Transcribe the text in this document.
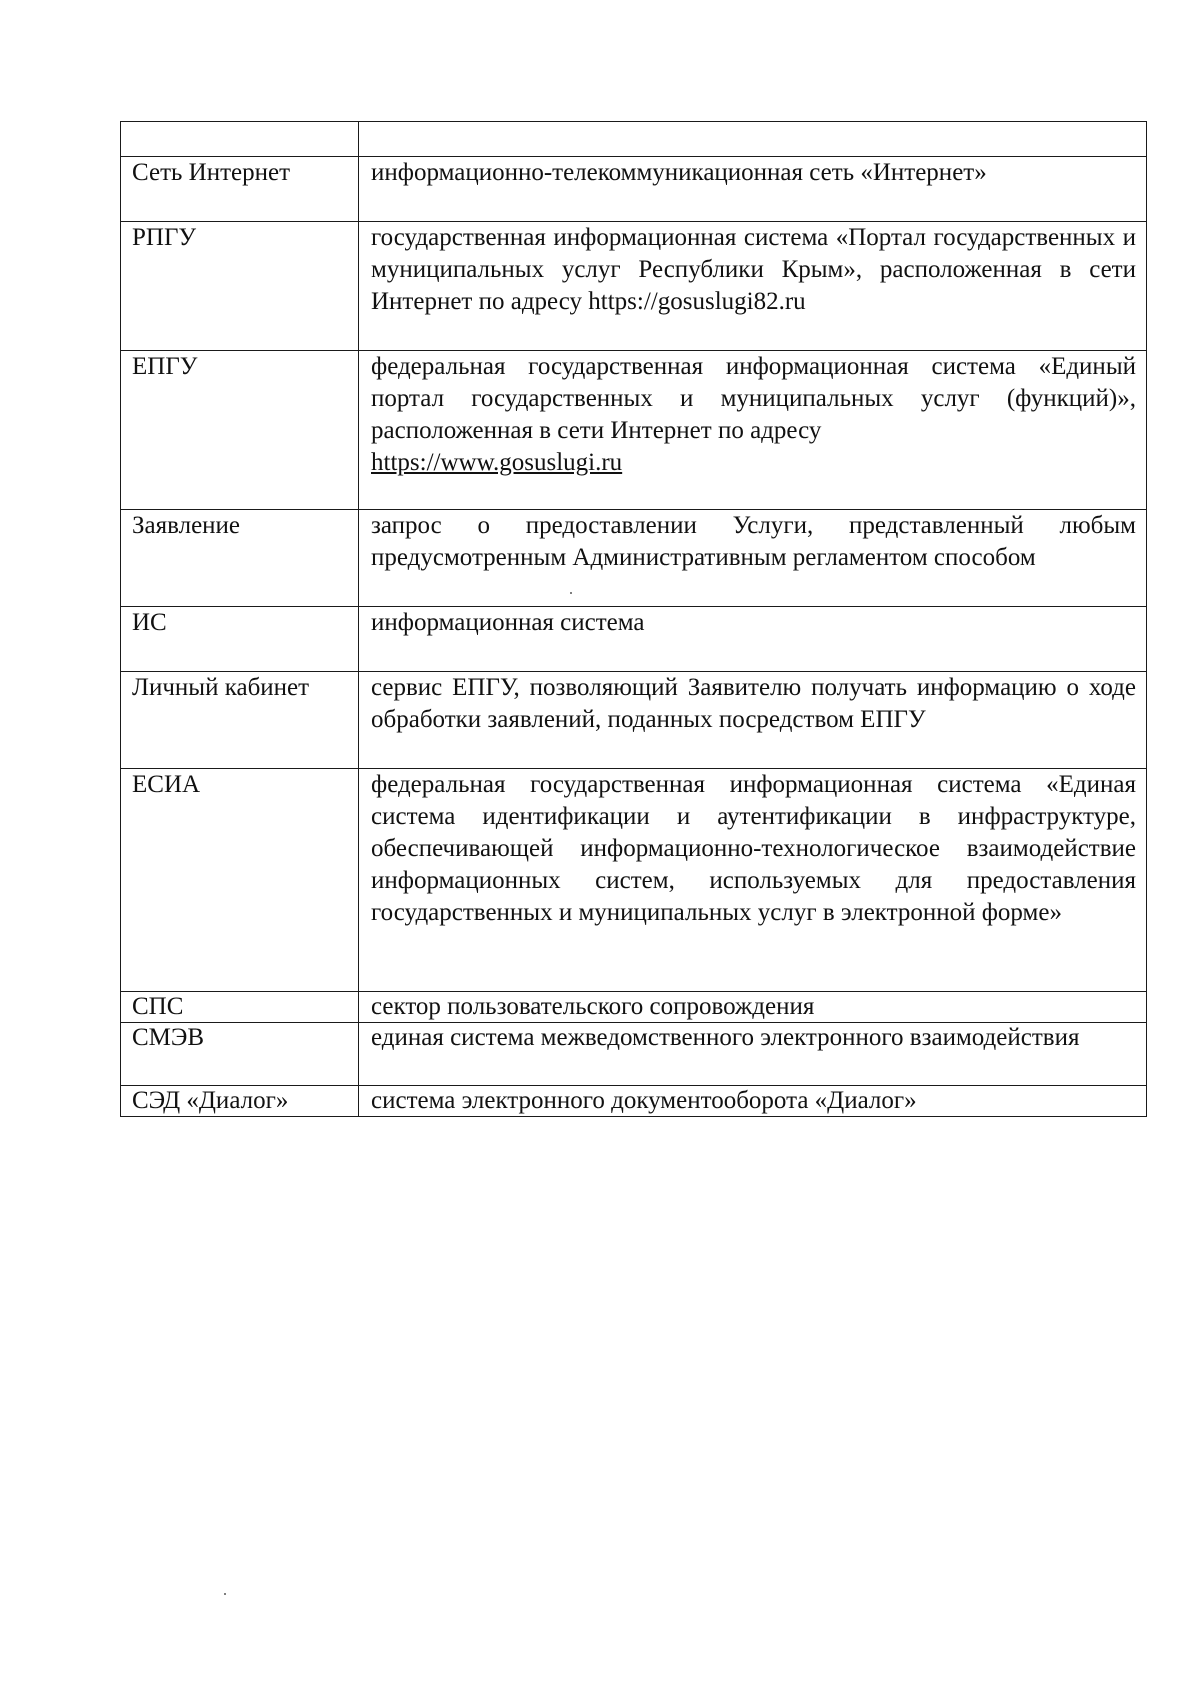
Сеть Интернет	информационно-телекоммуникационная сеть «Интернет»
РПГУ	государственная информационная система «Портал государственных и муниципальных услуг Республики Крым», расположенная в сети Интернет по адресу https://gosuslugi82.ru
ЕПГУ	федеральная государственная информационная система «Единый портал государственных и муниципальных услуг (функций)», расположенная в сети Интернет по адресу
https://www.gosuslugi.ru

Заявление	запрос о предоставлении Услуги, представленный любым предусмотренным Административным регламентом способом
ИС	информационная система
Личный кабинет	сервис ЕПГУ, позволяющий Заявителю получать информацию о ходе обработки заявлений, поданных посредством ЕПГУ
ЕСИА	федеральная государственная информационная система «Единая система идентификации и аутентификации в инфраструктуре, обеспечивающей информационно-технологическое взаимодействие информационных систем, используемых для предоставления государственных и муниципальных услуг в электронной форме»
СПС	сектор пользовательского сопровождения
СМЭВ	единая система межведомственного электронного взаимодействия
СЭД «Диалог»	система электронного документооборота «Диалог»
